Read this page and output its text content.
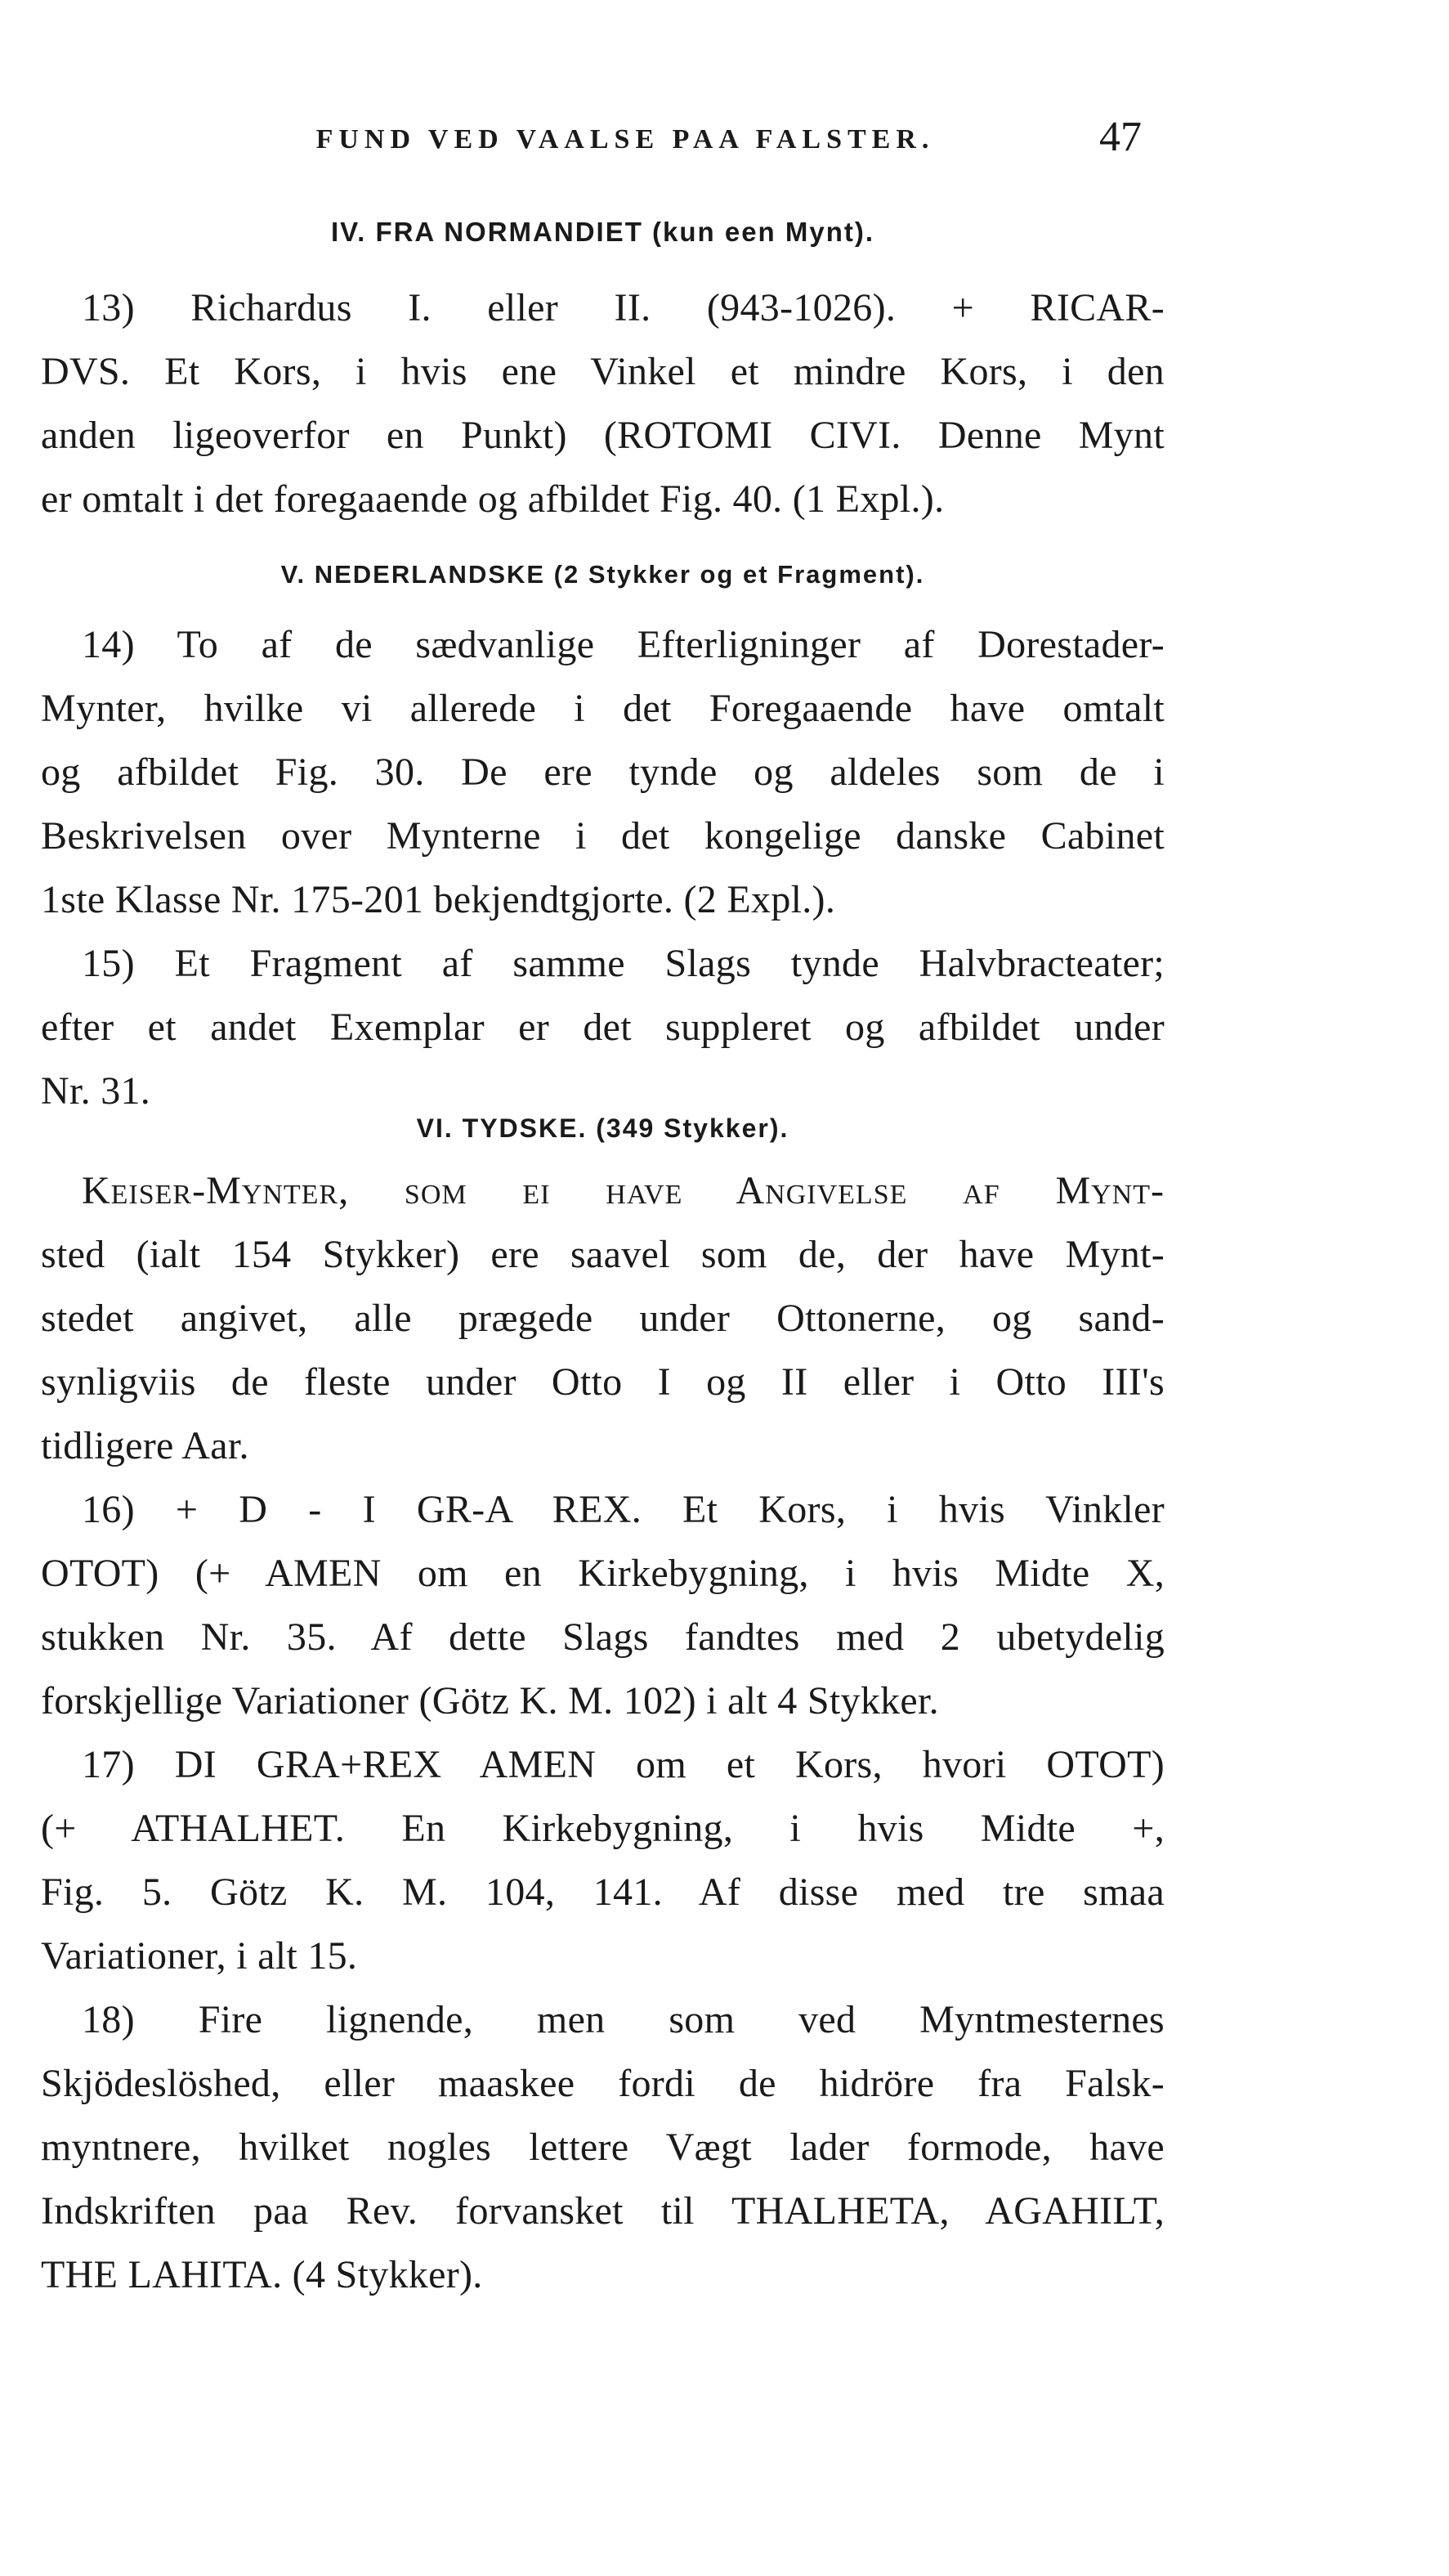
FUND VED VAALSE PAA FALSTER.	47
IV. FRA NORMANDIET (kun een Mynt).
13) Richardus I. eller II. (943-1026). + RICAR-
DVS. Et Kors, i hvis ene Vinkel et mindre Kors, i den
anden ligeoverfor en Punkt) (ROTOMI CIVI. Denne Mynt
er omtalt i det foregaaende og afbildet Fig. 40. (1 Expl.).
V. NEDERLANDSKE (2 Stykker og et Fragment).
14) To af de sædvanlige Efterligninger af Dorestader-
Mynter, hvilke vi allerede i det Foregaaende have omtalt
og afbildet Fig. 30. De ere tynde og aldeles som de i
Beskrivelsen over Mynterne i det kongelige danske Cabinet
1ste Klasse Nr. 175-201 bekjendtgjorte. (2 Expl.).
15) Et Fragment af samme Slags tynde Halvbracteater;
efter et andet Exemplar er det suppleret og afbildet under
Nr. 31.
VI. TYDSKE. (349 Stykker).
Keiser-Mynter, som ei have Angivelse af Mynt-
sted (ialt 154 Stykker) ere saavel som de, der have Mynt-
stedet angivet, alle prægede under Ottonerne, og sand-
synligviis de fleste under Otto I og II eller i Otto III's
tidligere Aar.
16) + D - I GR-A REX. Et Kors, i hvis Vinkler
OTOT) (+ AMEN om en Kirkebygning, i hvis Midte X,
stukken Nr. 35. Af dette Slags fandtes med 2 ubetydelig
forskjellige Variationer (Götz K. M. 102) i alt 4 Stykker.
17) DI GRA+REX AMEN om et Kors, hvori OTOT)
(+ ATHALHET. En Kirkebygning, i hvis Midte +,
Fig. 5. Götz K. M. 104, 141. Af disse med tre smaa
Variationer, i alt 15.
18) Fire lignende, men som ved Myntmesternes
Skjödeslöshed, eller maaskee fordi de hidröre fra Falsk-
myntnere, hvilket nogles lettere Vægt lader formode, have
Indskriften paa Rev. forvansket til THALHETA, AGAHILT,
THE LAHITA. (4 Stykker).
